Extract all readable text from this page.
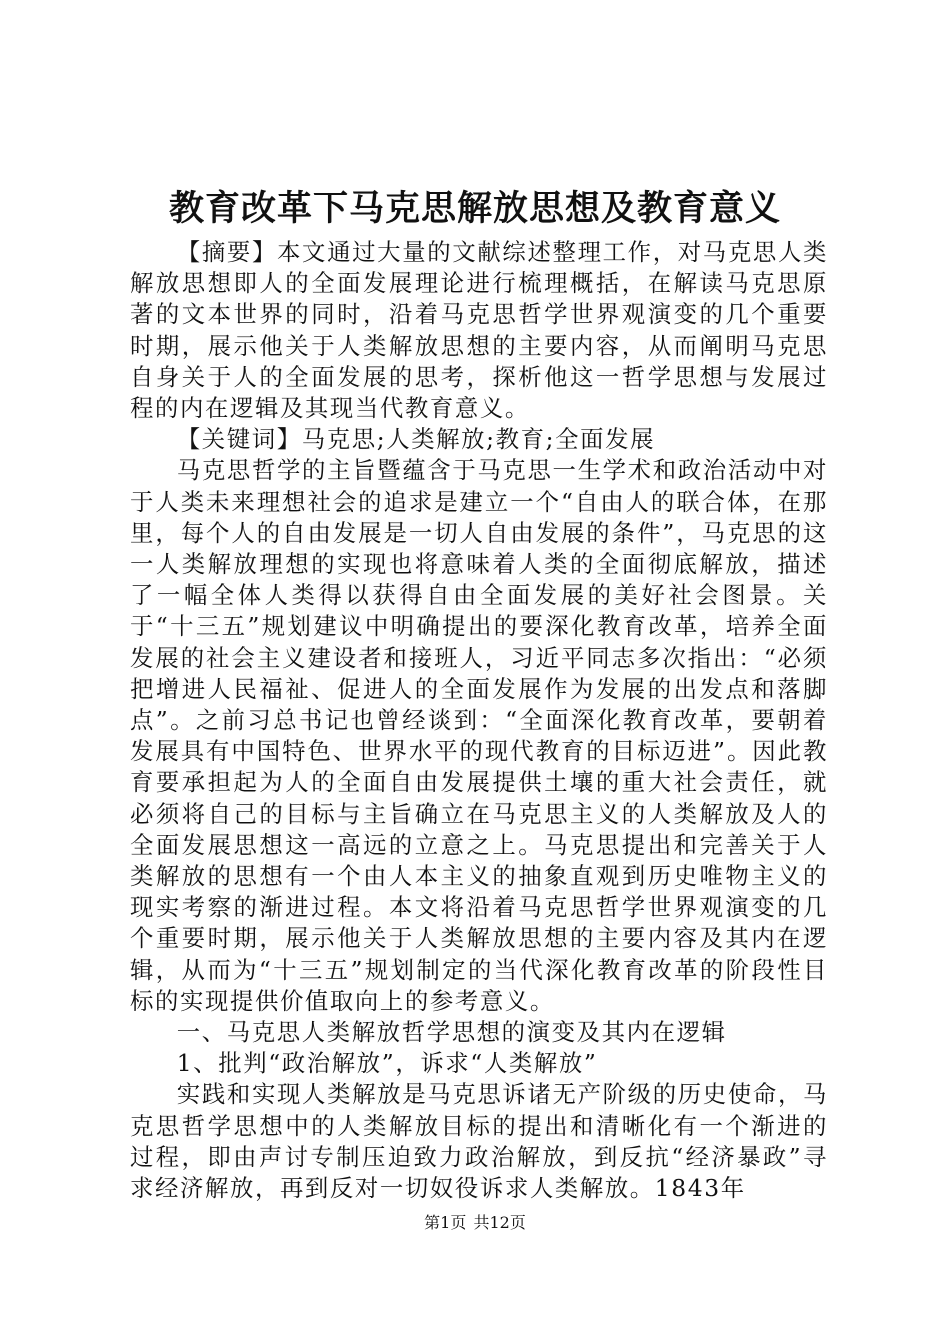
教育改革下马克思解放思想及教育意义

【摘要】本文通过大量的文献综述整理工作，对马克思人类解放思想即人的全面发展理论进行梳理概括，在解读马克思原著的文本世界的同时，沿着马克思哲学世界观演变的几个重要时期，展示他关于人类解放思想的主要内容，从而阐明马克思自身关于人的全面发展的思考，探析他这一哲学思想与发展过程的内在逻辑及其现当代教育意义。

【关键词】马克思;人类解放;教育;全面发展

马克思哲学的主旨暨蕴含于马克思一生学术和政治活动中对于人类未来理想社会的追求是建立一个“自由人的联合体，在那里，每个人的自由发展是一切人自由发展的条件”，马克思的这一人类解放理想的实现也将意味着人类的全面彻底解放，描述了一幅全体人类得以获得自由全面发展的美好社会图景。关于“十三五”规划建议中明确提出的要深化教育改革，培养全面发展的社会主义建设者和接班人，习近平同志多次指出：“必须把增进人民福祉、促进人的全面发展作为发展的出发点和落脚点”。之前习总书记也曾经谈到：“全面深化教育改革，要朝着发展具有中国特色、世界水平的现代教育的目标迈进”。因此教育要承担起为人的全面自由发展提供土壤的重大社会责任，就必须将自己的目标与主旨确立在马克思主义的人类解放及人的全面发展思想这一高远的立意之上。马克思提出和完善关于人类解放的思想有一个由人本主义的抽象直观到历史唯物主义的现实考察的渐进过程。本文将沿着马克思哲学世界观演变的几个重要时期，展示他关于人类解放思想的主要内容及其内在逻辑，从而为“十三五”规划制定的当代深化教育改革的阶段性目标的实现提供价值取向上的参考意义。

一、马克思人类解放哲学思想的演变及其内在逻辑

1、批判“政治解放”，诉求“人类解放”

实践和实现人类解放是马克思诉诸无产阶级的历史使命，马克思哲学思想中的人类解放目标的提出和清晰化有一个渐进的过程，即由声讨专制压迫致力政治解放，到反抗“经济暴政”寻求经济解放，再到反对一切奴役诉求人类解放。1843年

第1页 共12页
